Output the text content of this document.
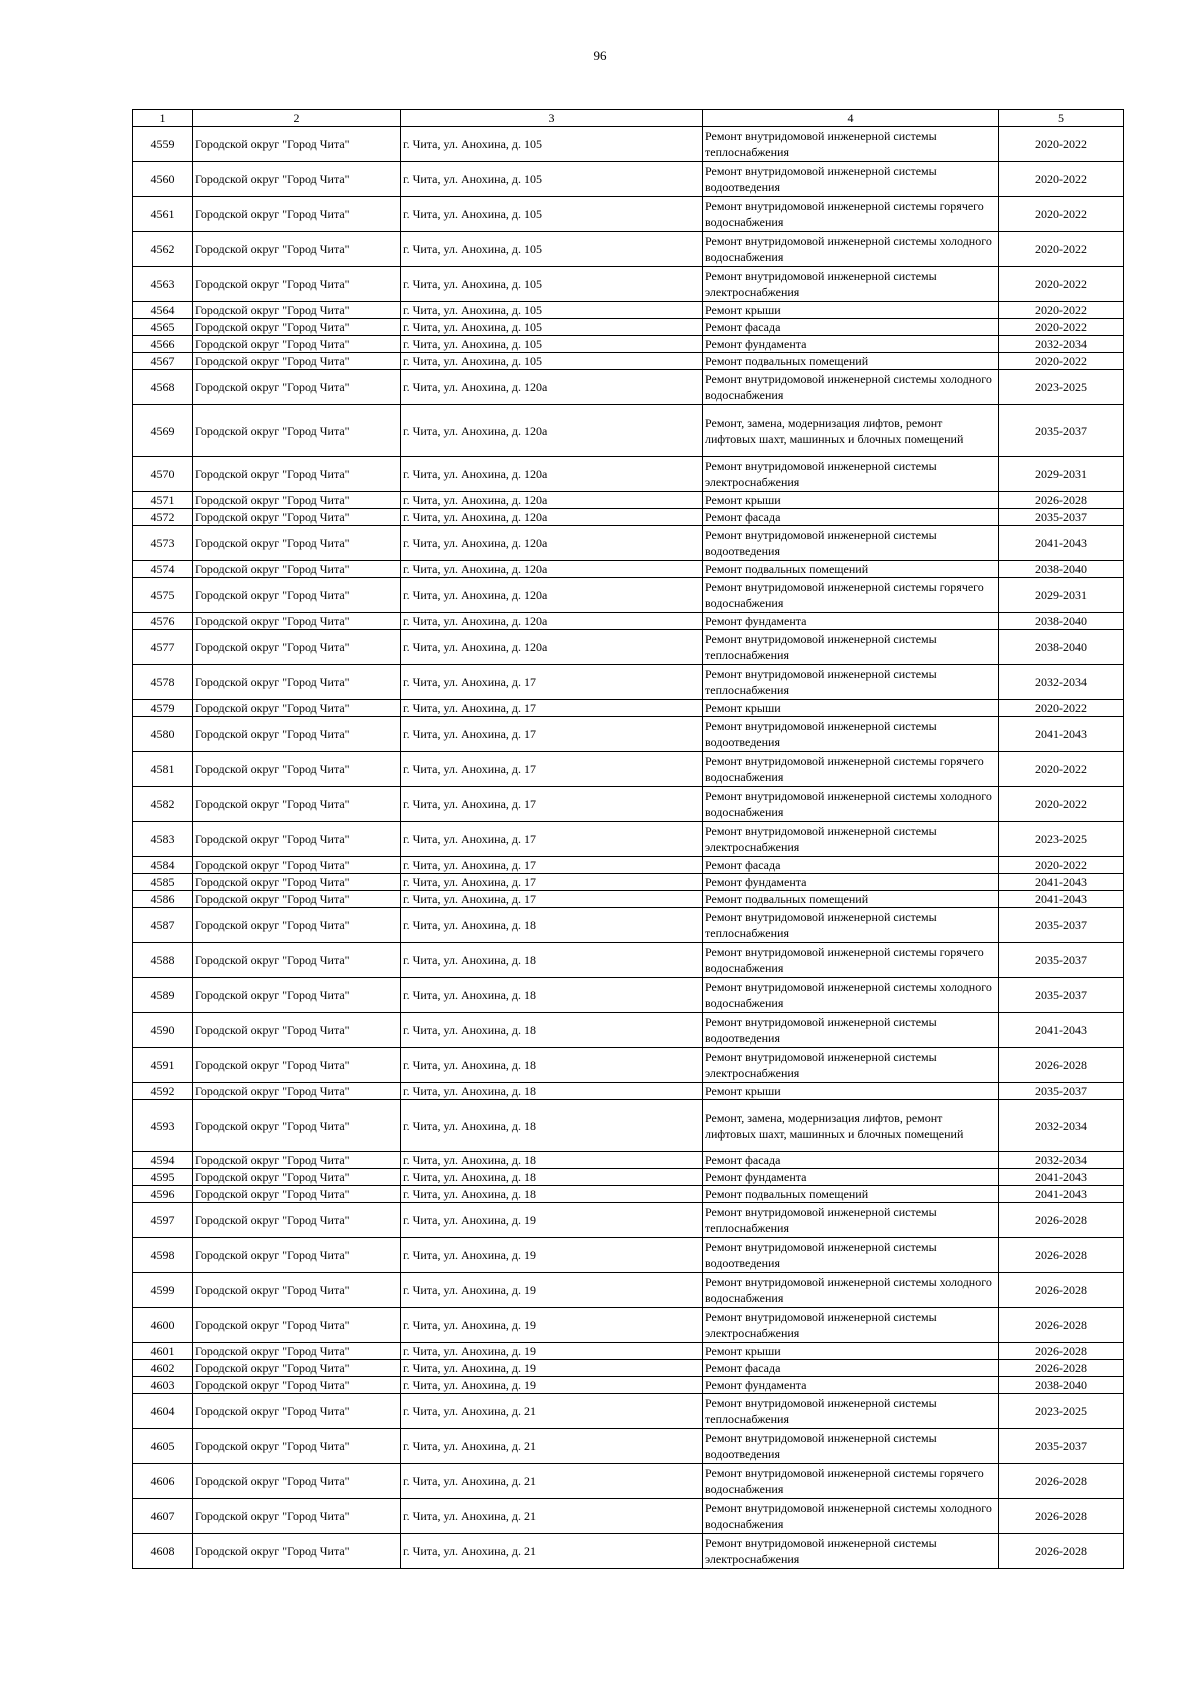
96
1	2	3	4	5
4559	Городской округ "Город Чита"	г. Чита, ул. Анохина, д. 105	Ремонт внутридомовой инженерной системы теплоснабжения	2020-2022
4560	Городской округ "Город Чита"	г. Чита, ул. Анохина, д. 105	Ремонт внутридомовой инженерной системы водоотведения	2020-2022
4561	Городской округ "Город Чита"	г. Чита, ул. Анохина, д. 105	Ремонт внутридомовой инженерной системы горячего водоснабжения	2020-2022
4562	Городской округ "Город Чита"	г. Чита, ул. Анохина, д. 105	Ремонт внутридомовой инженерной системы холодного водоснабжения	2020-2022
4563	Городской округ "Город Чита"	г. Чита, ул. Анохина, д. 105	Ремонт внутридомовой инженерной системы электроснабжения	2020-2022
4564	Городской округ "Город Чита"	г. Чита, ул. Анохина, д. 105	Ремонт крыши	2020-2022
4565	Городской округ "Город Чита"	г. Чита, ул. Анохина, д. 105	Ремонт фасада	2020-2022
4566	Городской округ "Город Чита"	г. Чита, ул. Анохина, д. 105	Ремонт фундамента	2032-2034
4567	Городской округ "Город Чита"	г. Чита, ул. Анохина, д. 105	Ремонт подвальных помещений	2020-2022
4568	Городской округ "Город Чита"	г. Чита, ул. Анохина, д. 120а	Ремонт внутридомовой инженерной системы холодного водоснабжения	2023-2025
4569	Городской округ "Город Чита"	г. Чита, ул. Анохина, д. 120а	Ремонт, замена, модернизация лифтов, ремонт лифтовых шахт, машинных и блочных помещений	2035-2037
4570	Городской округ "Город Чита"	г. Чита, ул. Анохина, д. 120а	Ремонт внутридомовой инженерной системы электроснабжения	2029-2031
4571	Городской округ "Город Чита"	г. Чита, ул. Анохина, д. 120а	Ремонт крыши	2026-2028
4572	Городской округ "Город Чита"	г. Чита, ул. Анохина, д. 120а	Ремонт фасада	2035-2037
4573	Городской округ "Город Чита"	г. Чита, ул. Анохина, д. 120а	Ремонт внутридомовой инженерной системы водоотведения	2041-2043
4574	Городской округ "Город Чита"	г. Чита, ул. Анохина, д. 120а	Ремонт подвальных помещений	2038-2040
4575	Городской округ "Город Чита"	г. Чита, ул. Анохина, д. 120а	Ремонт внутридомовой инженерной системы горячего водоснабжения	2029-2031
4576	Городской округ "Город Чита"	г. Чита, ул. Анохина, д. 120а	Ремонт фундамента	2038-2040
4577	Городской округ "Город Чита"	г. Чита, ул. Анохина, д. 120а	Ремонт внутридомовой инженерной системы теплоснабжения	2038-2040
4578	Городской округ "Город Чита"	г. Чита, ул. Анохина, д. 17	Ремонт внутридомовой инженерной системы теплоснабжения	2032-2034
4579	Городской округ "Город Чита"	г. Чита, ул. Анохина, д. 17	Ремонт крыши	2020-2022
4580	Городской округ "Город Чита"	г. Чита, ул. Анохина, д. 17	Ремонт внутридомовой инженерной системы водоотведения	2041-2043
4581	Городской округ "Город Чита"	г. Чита, ул. Анохина, д. 17	Ремонт внутридомовой инженерной системы горячего водоснабжения	2020-2022
4582	Городской округ "Город Чита"	г. Чита, ул. Анохина, д. 17	Ремонт внутридомовой инженерной системы холодного водоснабжения	2020-2022
4583	Городской округ "Город Чита"	г. Чита, ул. Анохина, д. 17	Ремонт внутридомовой инженерной системы электроснабжения	2023-2025
4584	Городской округ "Город Чита"	г. Чита, ул. Анохина, д. 17	Ремонт фасада	2020-2022
4585	Городской округ "Город Чита"	г. Чита, ул. Анохина, д. 17	Ремонт фундамента	2041-2043
4586	Городской округ "Город Чита"	г. Чита, ул. Анохина, д. 17	Ремонт подвальных помещений	2041-2043
4587	Городской округ "Город Чита"	г. Чита, ул. Анохина, д. 18	Ремонт внутридомовой инженерной системы теплоснабжения	2035-2037
4588	Городской округ "Город Чита"	г. Чита, ул. Анохина, д. 18	Ремонт внутридомовой инженерной системы горячего водоснабжения	2035-2037
4589	Городской округ "Город Чита"	г. Чита, ул. Анохина, д. 18	Ремонт внутридомовой инженерной системы холодного водоснабжения	2035-2037
4590	Городской округ "Город Чита"	г. Чита, ул. Анохина, д. 18	Ремонт внутридомовой инженерной системы водоотведения	2041-2043
4591	Городской округ "Город Чита"	г. Чита, ул. Анохина, д. 18	Ремонт внутридомовой инженерной системы электроснабжения	2026-2028
4592	Городской округ "Город Чита"	г. Чита, ул. Анохина, д. 18	Ремонт крыши	2035-2037
4593	Городской округ "Город Чита"	г. Чита, ул. Анохина, д. 18	Ремонт, замена, модернизация лифтов, ремонт лифтовых шахт, машинных и блочных помещений	2032-2034
4594	Городской округ "Город Чита"	г. Чита, ул. Анохина, д. 18	Ремонт фасада	2032-2034
4595	Городской округ "Город Чита"	г. Чита, ул. Анохина, д. 18	Ремонт фундамента	2041-2043
4596	Городской округ "Город Чита"	г. Чита, ул. Анохина, д. 18	Ремонт подвальных помещений	2041-2043
4597	Городской округ "Город Чита"	г. Чита, ул. Анохина, д. 19	Ремонт внутридомовой инженерной системы теплоснабжения	2026-2028
4598	Городской округ "Город Чита"	г. Чита, ул. Анохина, д. 19	Ремонт внутридомовой инженерной системы водоотведения	2026-2028
4599	Городской округ "Город Чита"	г. Чита, ул. Анохина, д. 19	Ремонт внутридомовой инженерной системы холодного водоснабжения	2026-2028
4600	Городской округ "Город Чита"	г. Чита, ул. Анохина, д. 19	Ремонт внутридомовой инженерной системы электроснабжения	2026-2028
4601	Городской округ "Город Чита"	г. Чита, ул. Анохина, д. 19	Ремонт крыши	2026-2028
4602	Городской округ "Город Чита"	г. Чита, ул. Анохина, д. 19	Ремонт фасада	2026-2028
4603	Городской округ "Город Чита"	г. Чита, ул. Анохина, д. 19	Ремонт фундамента	2038-2040
4604	Городской округ "Город Чита"	г. Чита, ул. Анохина, д. 21	Ремонт внутридомовой инженерной системы теплоснабжения	2023-2025
4605	Городской округ "Город Чита"	г. Чита, ул. Анохина, д. 21	Ремонт внутридомовой инженерной системы водоотведения	2035-2037
4606	Городской округ "Город Чита"	г. Чита, ул. Анохина, д. 21	Ремонт внутридомовой инженерной системы горячего водоснабжения	2026-2028
4607	Городской округ "Город Чита"	г. Чита, ул. Анохина, д. 21	Ремонт внутридомовой инженерной системы холодного водоснабжения	2026-2028
4608	Городской округ "Город Чита"	г. Чита, ул. Анохина, д. 21	Ремонт внутридомовой инженерной системы электроснабжения	2026-2028
